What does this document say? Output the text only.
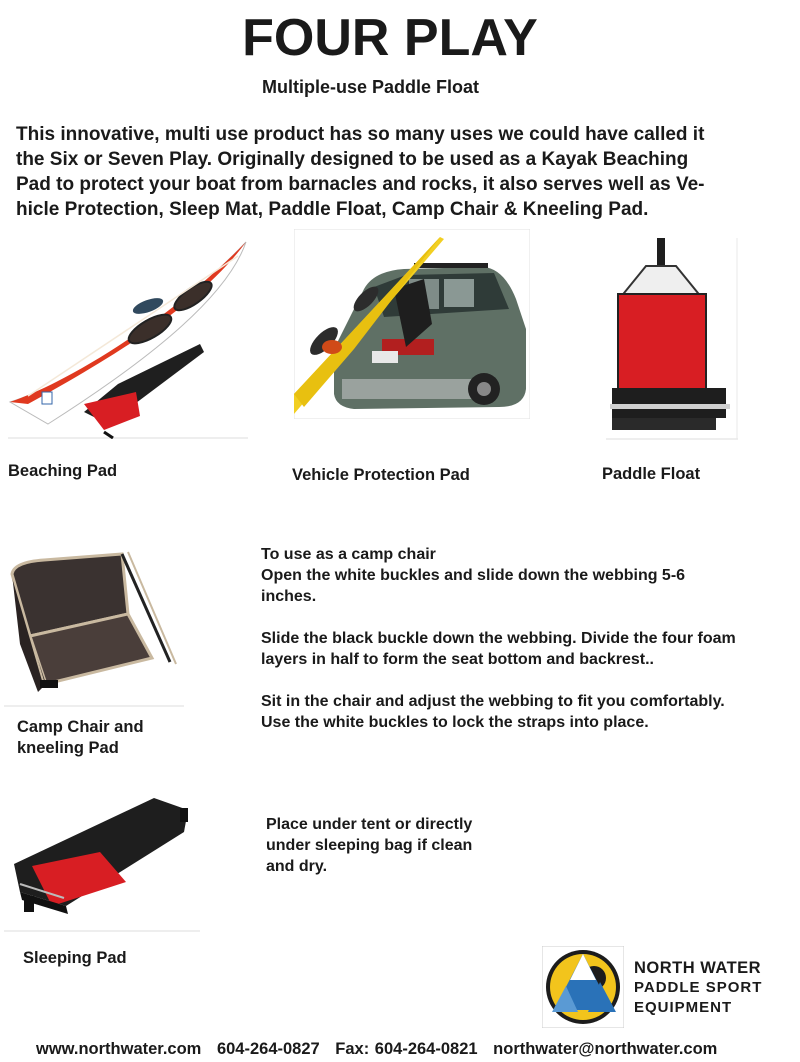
FOUR PLAY
Multiple-use Paddle Float
This innovative, multi use product has so many uses we could have called it
the Six or Seven Play. Originally designed to be used as a Kayak Beaching
Pad to protect your boat from barnacles and rocks, it also serves well as Ve-
hicle Protection, Sleep Mat, Paddle Float, Camp Chair & Kneeling Pad.
Beaching Pad	Vehicle Protection Pad	Paddle Float
Camp Chair and
kneeling Pad
To use as a camp chair
Open the white buckles and slide down the webbing 5-6
inches.
Slide the black buckle down the webbing. Divide the four foam
layers in half to form the seat bottom and backrest..
Sit in the chair and adjust the webbing to fit you comfortably.
Use the white buckles to lock the straps into place.
Sleeping Pad
Place under tent or directly
under sleeping bag if clean
and dry.
NORTH WATER
PADDLE SPORT
EQUIPMENT
www.northwater.com 604-264-0827 Fax: 604-264-0821 northwater@northwater.com
